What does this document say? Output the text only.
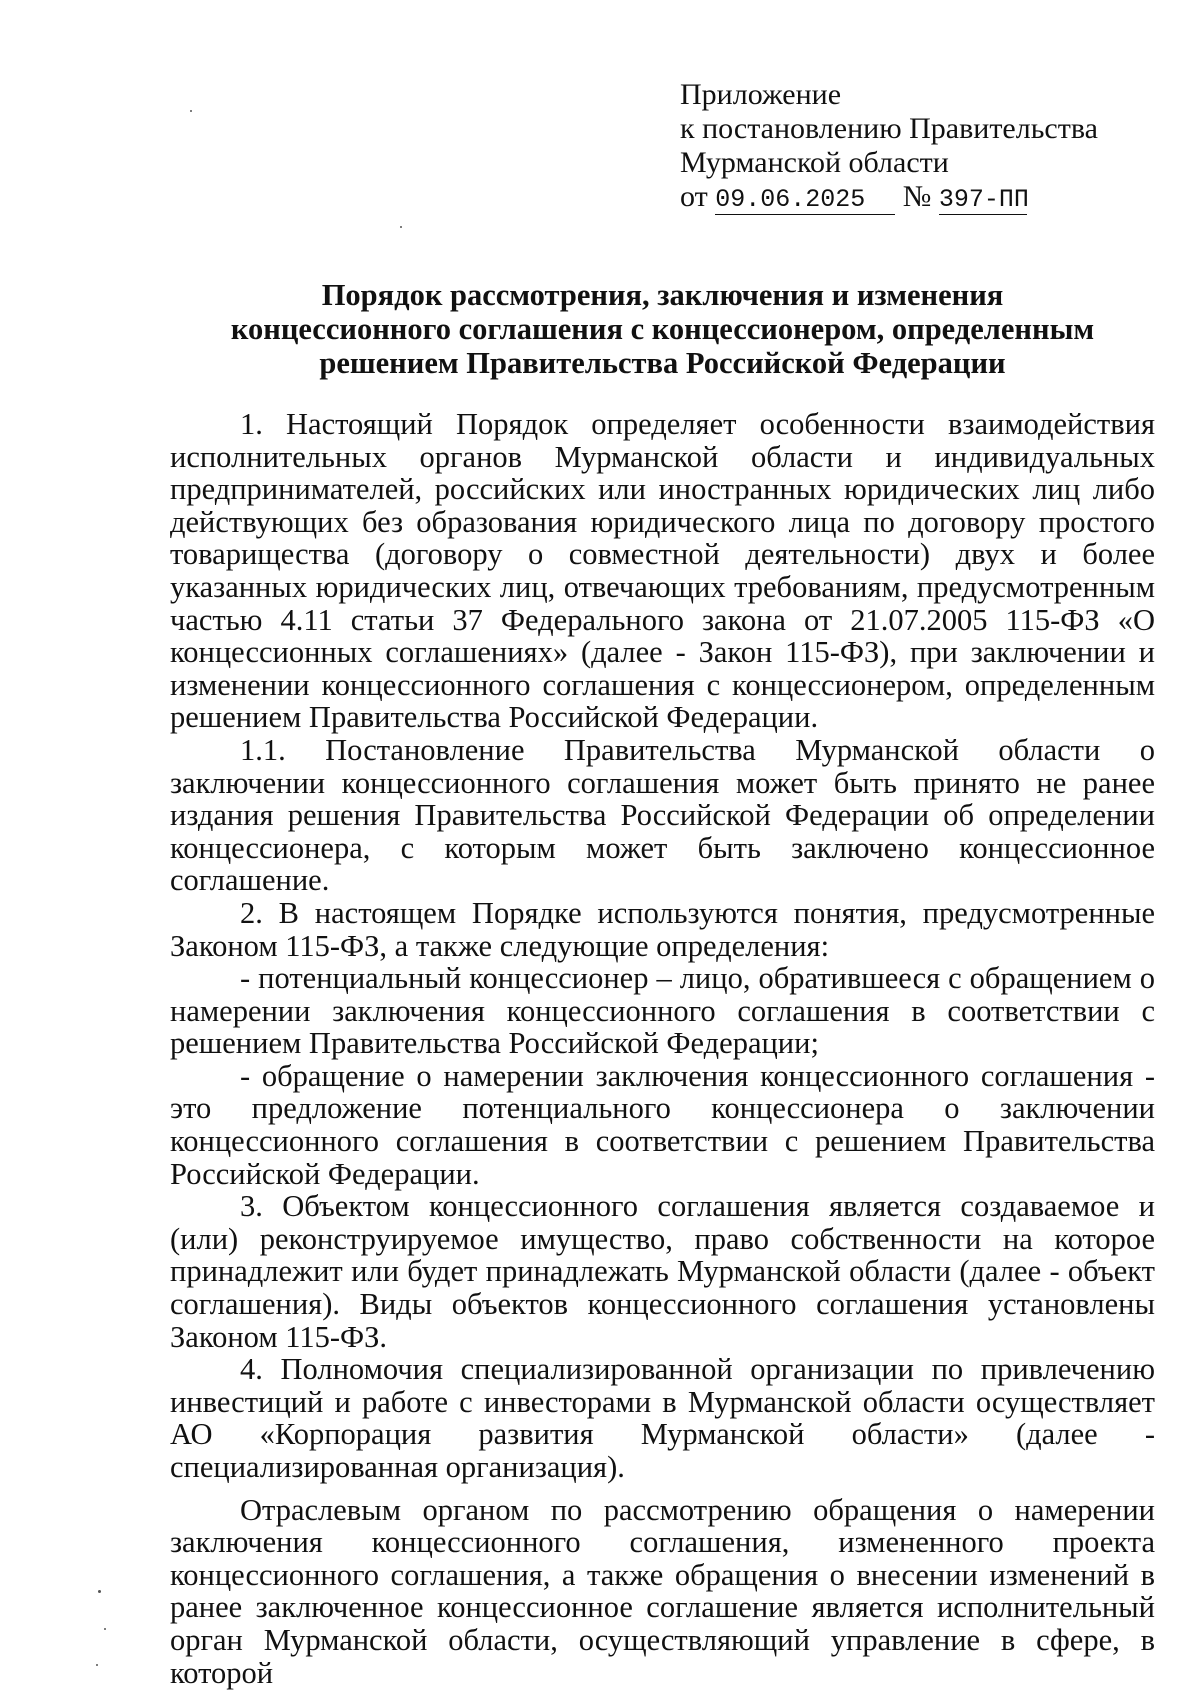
Приложение
к постановлению Правительства
Мурманской области
от 09.06.2025 № 397-ПП
Порядок рассмотрения, заключения и изменения
концессионного соглашения с концессионером, определенным
решением Правительства Российской Федерации

1. Настоящий Порядок определяет особенности взаимодействия исполнительных органов Мурманской области и индивидуальных предпринимателей, российских или иностранных юридических лиц либо действующих без образования юридического лица по договору простого товарищества (договору о совместной деятельности) двух и более указанных юридических лиц, отвечающих требованиям, предусмотренным частью 4.11 статьи 37 Федерального закона от 21.07.2005 115-ФЗ «О концессионных соглашениях» (далее - Закон 115-ФЗ), при заключении и изменении концессионного соглашения с концессионером, определенным решением Правительства Российской Федерации.

1.1. Постановление Правительства Мурманской области о заключении концессионного соглашения может быть принято не ранее издания решения Правительства Российской Федерации об определении концессионера, с которым может быть заключено концессионное соглашение.

2. В настоящем Порядке используются понятия, предусмотренные Законом 115-ФЗ, а также следующие определения:

- потенциальный концессионер – лицо, обратившееся с обращением о намерении заключения концессионного соглашения в соответствии с решением Правительства Российской Федерации;

- обращение о намерении заключения концессионного соглашения - это предложение потенциального концессионера о заключении концессионного соглашения в соответствии с решением Правительства Российской Федерации.

3. Объектом концессионного соглашения является создаваемое и (или) реконструируемое имущество, право собственности на которое принадлежит или будет принадлежать Мурманской области (далее - объект соглашения). Виды объектов концессионного соглашения установлены Законом 115-ФЗ.

4. Полномочия специализированной организации по привлечению инвестиций и работе с инвесторами в Мурманской области осуществляет АО «Корпорация развития Мурманской области» (далее - специализированная организация).

Отраслевым органом по рассмотрению обращения о намерении заключения концессионного соглашения, измененного проекта концессионного соглашения, а также обращения о внесении изменений в ранее заключенное концессионное соглашение является исполнительный орган Мурманской области, осуществляющий управление в сфере, в которой
